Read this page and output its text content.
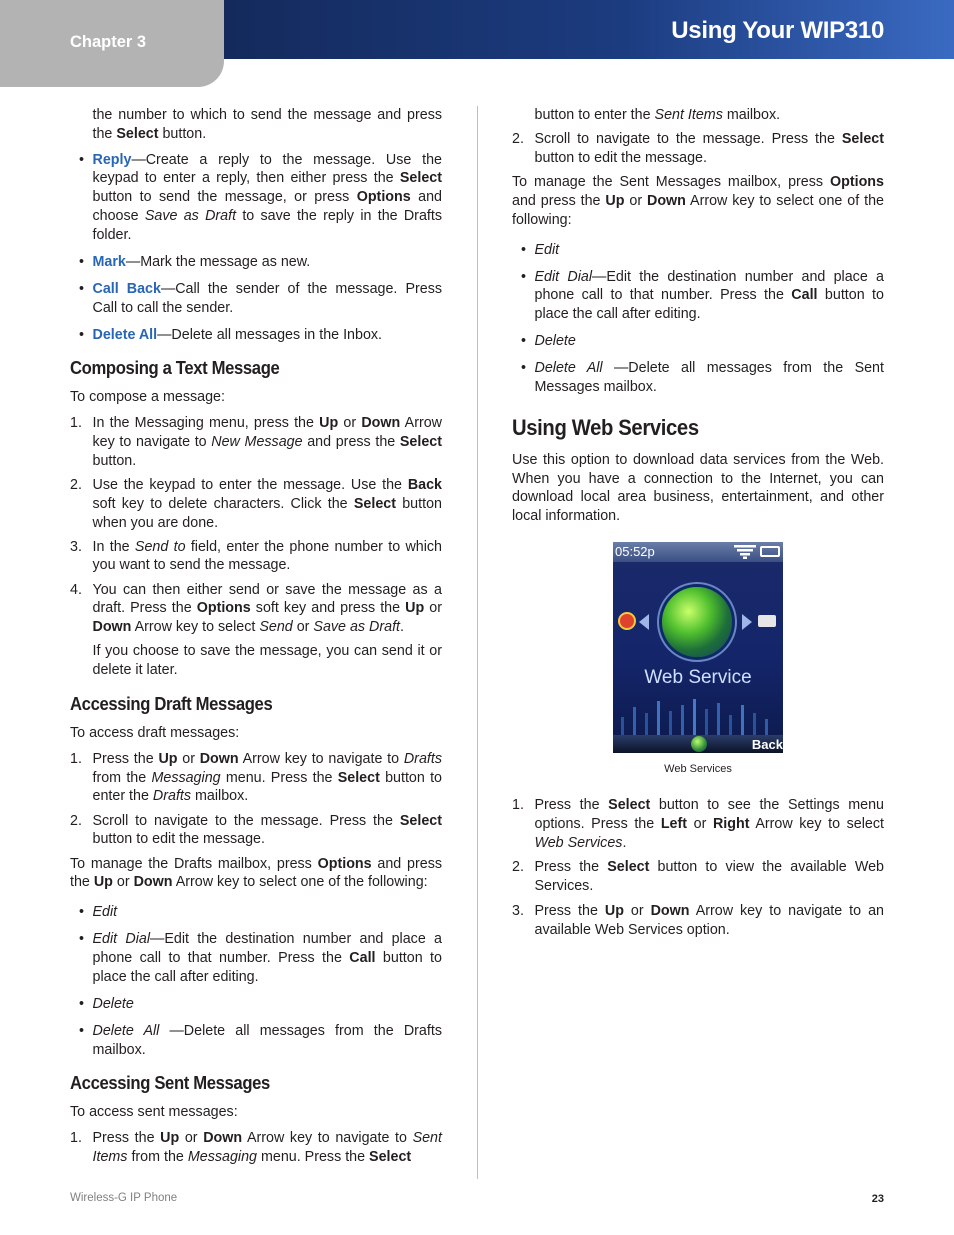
Chapter 3	Using Your WIP310

the number to which to send the message and press the Select button.

• Reply—Create a reply to the message. Use the keypad to enter a reply, then either press the Select button to send the message, or press Options and choose Save as Draft to save the reply in the Drafts folder.
• Mark—Mark the message as new.
• Call Back—Call the sender of the message. Press Call to call the sender.
• Delete All—Delete all messages in the Inbox.
Composing a Text Message

To compose a message:

1. In the Messaging menu, press the Up or Down Arrow key to navigate to New Message and press the Select button.
2. Use the keypad to enter the message. Use the Back soft key to delete characters. Click the Select button when you are done.
3. In the Send to field, enter the phone number to which you want to send the message.
4. You can then either send or save the message as a draft. Press the Options soft key and press the Up or Down Arrow key to select Send or Save as Draft.
If you choose to save the message, you can send it or delete it later.
Accessing Draft Messages

To access draft messages:

1. Press the Up or Down Arrow key to navigate to Drafts from the Messaging menu. Press the Select button to enter the Drafts mailbox.
2. Scroll to navigate to the message. Press the Select button to edit the message.

To manage the Drafts mailbox, press Options and press the Up or Down Arrow key to select one of the following:

• Edit
• Edit Dial—Edit the destination number and place a phone call to that number. Press the Call button to place the call after editing.
• Delete
• Delete All —Delete all messages from the Drafts mailbox.
Accessing Sent Messages

To access sent messages:

1. Press the Up or Down Arrow key to navigate to Sent Items from the Messaging menu. Press the Select

button to enter the Sent Items mailbox.

2. Scroll to navigate to the message. Press the Select button to edit the message.

To manage the Sent Messages mailbox, press Options and press the Up or Down Arrow key to select one of the following:

• Edit
• Edit Dial—Edit the destination number and place a phone call to that number. Press the Call button to place the call after editing.
• Delete
• Delete All —Delete all messages from the Sent Messages mailbox.
Using Web Services

Use this option to download data services from the Web. When you have a connection to the Internet, you can download local area business, entertainment, and other local information.

05:52p
Web Service
Back
Web Services
1. Press the Select button to see the Settings menu options. Press the Left or Right Arrow key to select Web Services.
2. Press the Select button to view the available Web Services.
3. Press the Up or Down Arrow key to navigate to an available Web Services option.
Wireless-G IP Phone	23
